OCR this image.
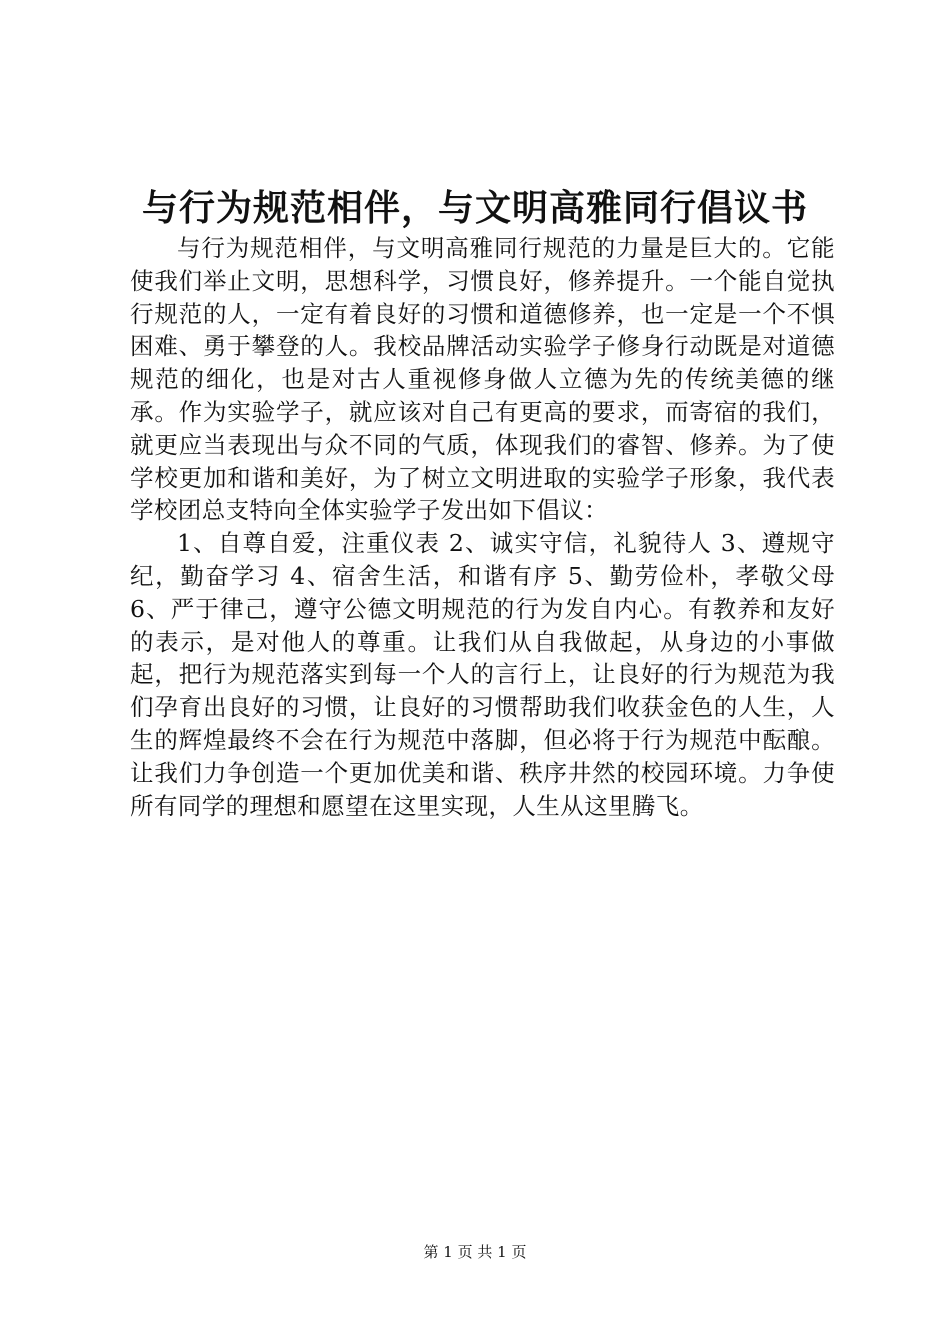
与行为规范相伴，与文明高雅同行倡议书

与行为规范相伴，与文明高雅同行规范的力量是巨大的。它能使我们举止文明，思想科学，习惯良好，修养提升。一个能自觉执行规范的人，一定有着良好的习惯和道德修养，也一定是一个不惧困难、勇于攀登的人。我校品牌活动实验学子修身行动既是对道德规范的细化，也是对古人重视修身做人立德为先的传统美德的继承。作为实验学子，就应该对自己有更高的要求，而寄宿的我们，就更应当表现出与众不同的气质，体现我们的睿智、修养。为了使学校更加和谐和美好，为了树立文明进取的实验学子形象，我代表学校团总支特向全体实验学子发出如下倡议：

1、自尊自爱，注重仪表 2、诚实守信，礼貌待人 3、遵规守纪，勤奋学习 4、宿舍生活，和谐有序 5、勤劳俭朴，孝敬父母 6、严于律己，遵守公德文明规范的行为发自内心。有教养和友好的表示，是对他人的尊重。让我们从自我做起，从身边的小事做起，把行为规范落实到每一个人的言行上，让良好的行为规范为我们孕育出良好的习惯，让良好的习惯帮助我们收获金色的人生，人生的辉煌最终不会在行为规范中落脚，但必将于行为规范中酝酿。让我们力争创造一个更加优美和谐、秩序井然的校园环境。力争使所有同学的理想和愿望在这里实现，人生从这里腾飞。

第 1 页 共 1 页
